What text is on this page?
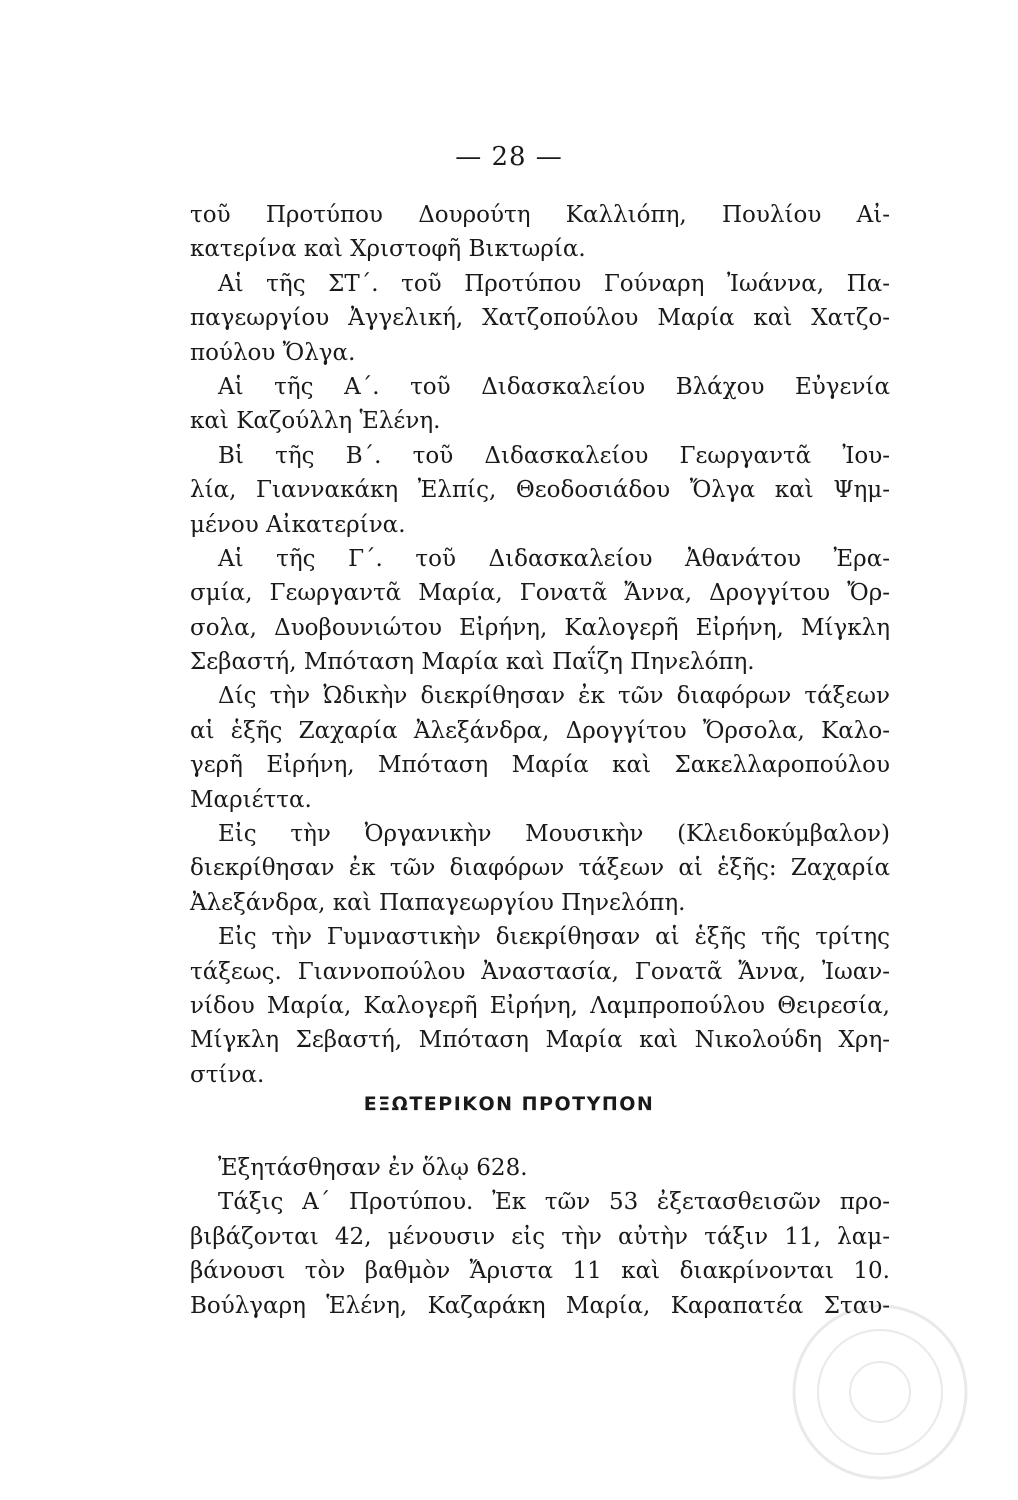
— 28 —
τοῦ Προτύπου Δουρούτη Καλλιόπη, Πουλίου Αἰ-
κατερίνα καὶ Χριστοφῆ Βικτωρία.
Αἱ τῆς ΣΤ΄. τοῦ Προτύπου Γούναρη Ἰωάννα, Πα-
παγεωργίου Ἀγγελική, Χατζοπούλου Μαρία καὶ Χατζο-
πούλου Ὄλγα.
Αἱ τῆς Α΄. τοῦ Διδασκαλείου Βλάχου Εὐγενία
καὶ Καζούλλη Ἑλένη.
Βἱ τῆς Β΄. τοῦ Διδασκαλείου Γεωργαντᾶ Ἰου-
λία, Γιαννακάκη Ἐλπίς, Θεοδοσιάδου Ὄλγα καὶ Ψημ-
μένου Αἰκατερίνα.
Αἱ τῆς Γ΄. τοῦ Διδασκαλείου Ἀθανάτου Ἐρα-
σμία, Γεωργαντᾶ Μαρία, Γονατᾶ Ἄννα, Δρογγίτου Ὄρ-
σολα, Δυοβουνιώτου Εἰρήνη, Καλογερῆ Εἰρήνη, Μίγκλη
Σεβαστή, Μπόταση Μαρία καὶ Παΐζη Πηνελόπη.
Δίς τὴν Ὠδικὴν διεκρίθησαν ἐκ τῶν διαφόρων τάξεων
αἱ ἑξῆς Ζαχαρία Ἀλεξάνδρα, Δρογγίτου Ὄρσολα, Καλο-
γερῆ Εἰρήνη, Μπόταση Μαρία καὶ Σακελλαροπούλου
Μαριέττα.
Εἰς τὴν Ὀργανικὴν Μουσικὴν (Κλειδοκύμβαλον)
διεκρίθησαν ἐκ τῶν διαφόρων τάξεων αἱ ἑξῆς: Ζαχαρία
Ἀλεξάνδρα, καὶ Παπαγεωργίου Πηνελόπη.
Εἰς τὴν Γυμναστικὴν διεκρίθησαν αἱ ἑξῆς τῆς τρίτης
τάξεως. Γιαννοπούλου Ἀναστασία, Γονατᾶ Ἄννα, Ἰωαν-
νίδου Μαρία, Καλογερῆ Εἰρήνη, Λαμπροπούλου Θειρεσία,
Μίγκλη Σεβαστή, Μπόταση Μαρία καὶ Νικολούδη Χρη-
στίνα.
ΕΞΩΤΕΡΙΚΟΝ ΠΡΟΤΥΠΟΝ
Ἐξητάσθησαν ἐν ὅλῳ 628.
Τάξις Α΄ Προτύπου. Ἐκ τῶν 53 ἐξετασθεισῶν προ-
βιβάζονται 42, μένουσιν εἰς τὴν αὐτὴν τάξιν 11, λαμ-
βάνουσι τὸν βαθμὸν Ἄριστα 11 καὶ διακρίνονται 10.
Βούλγαρη Ἑλένη, Καζαράκη Μαρία, Καραπατέα Σταυ-
